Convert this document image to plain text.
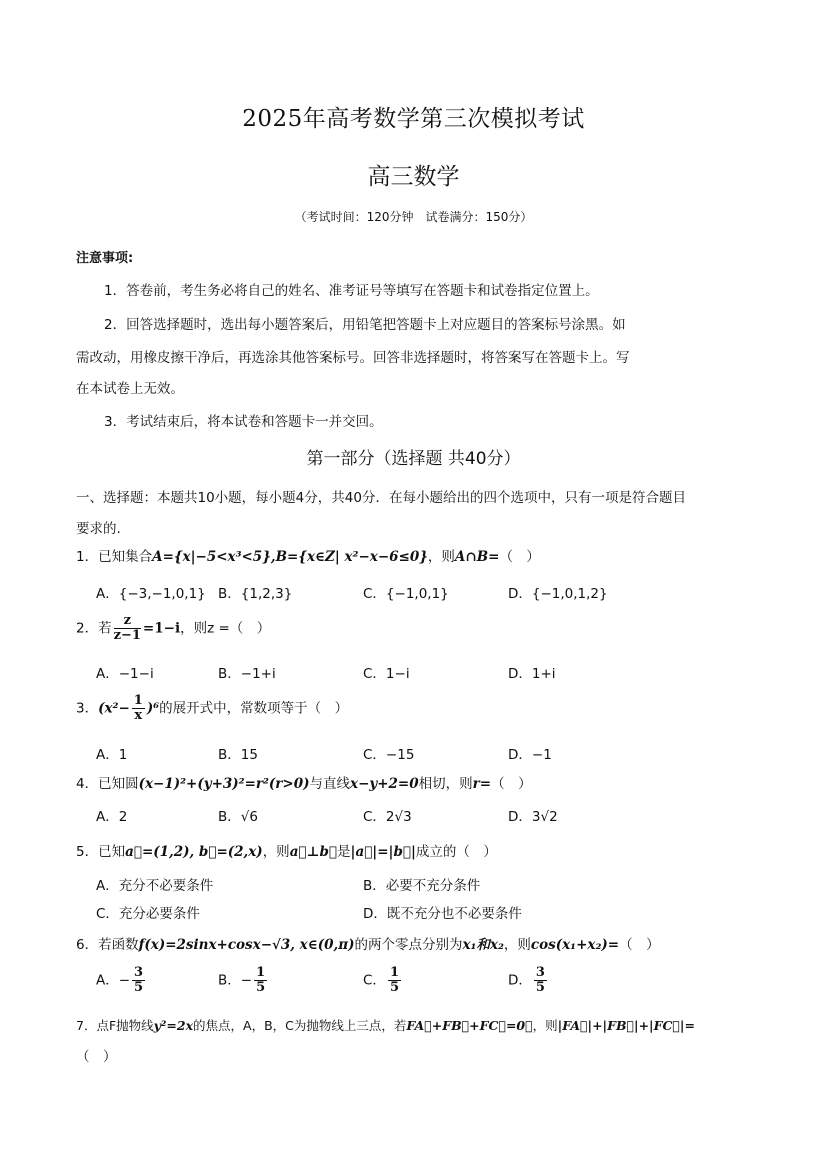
2025年高考数学第三次模拟考试
高三数学
（考试时间：120分钟　试卷满分：150分）
注意事项:
1．答卷前，考生务必将自己的姓名、准考证号等填写在答题卡和试卷指定位置上。
2．回答选择题时，选出每小题答案后，用铅笔把答题卡上对应题目的答案标号涂黑。如
需改动，用橡皮擦干净后，再选涂其他答案标号。回答非选择题时，将答案写在答题卡上。写
在本试卷上无效。
3．考试结束后，将本试卷和答题卡一并交回。
第一部分（选择题 共40分）
一、选择题：本题共10小题，每小题4分，共40分．在每小题给出的四个选项中，只有一项是符合题目
要求的.
1．已知集合A={x|−5<x³<5},B={x∈Z| x²−x−6≤0}，则A∩B=（　）
A．{−3,−1,0,1} B．{1,2,3}	C．{−1,0,1}	D．{−1,0,1,2}
2．若 $\frac{z}{z-1} =1-i$，则z =（　）
A．−1−i	B．−1+i	C．1−i	D．1+i
3．$(x^2- \frac{1}{x} )^6$的展开式中，常数项等于（　）
A．1	B．15	C．−15	D．−1
4．已知圆(x−1)²+(y+3)²=r²(r>0)与直线x−y+2=0相切，则r=（　）
A．2	B．√6	C．2√3	D．3√2
5．已知a⃗=(1,2), b⃗=(2,x)，则a⃗⊥b⃗是|a⃗|=|b⃗|成立的（　）
A．充分不必要条件	B．必要不充分条件
C．充分必要条件	D．既不充分也不必要条件
6．若函数f(x)=2sinx+cosx−√3, x∈(0,π)的两个零点分别为x₁和x₂，则cos(x₁+x₂)=（　）
A．− $\frac{3}{5}$	B．− $\frac{1}{5}$	C． $\frac{1}{5}$	D． $\frac{3}{5}$
7．点F抛物线y²=2x的焦点，A，B，C为抛物线上三点，若FA⃗+FB⃗+FC⃗=0⃗，则|FA⃗|+|FB⃗|+|FC⃗|=
（　）
